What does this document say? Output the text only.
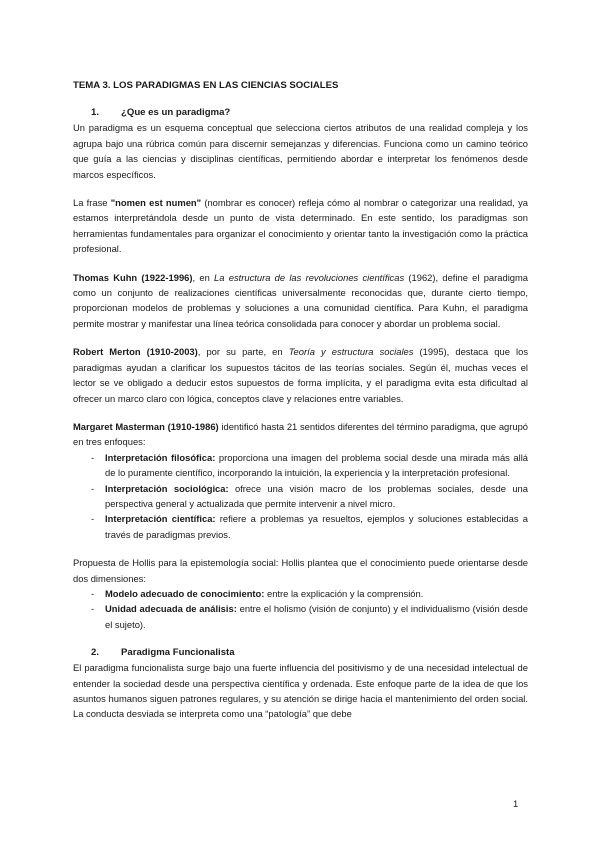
TEMA 3. LOS PARADIGMAS EN LAS CIENCIAS SOCIALES

1.	¿Que es un paradigma?

Un paradigma es un esquema conceptual que selecciona ciertos atributos de una realidad compleja y los agrupa bajo una rúbrica común para discernir semejanzas y diferencias. Funciona como un camino teórico que guía a las ciencias y disciplinas científicas, permitiendo abordar e interpretar los fenómenos desde marcos específicos.

La frase "nomen est numen" (nombrar es conocer) refleja cómo al nombrar o categorizar una realidad, ya estamos interpretándola desde un punto de vista determinado. En este sentido, los paradigmas son herramientas fundamentales para organizar el conocimiento y orientar tanto la investigación como la práctica profesional.

Thomas Kuhn (1922-1996), en La estructura de las revoluciones científicas (1962), define el paradigma como un conjunto de realizaciones científicas universalmente reconocidas que, durante cierto tiempo, proporcionan modelos de problemas y soluciones a una comunidad científica. Para Kuhn, el paradigma permite mostrar y manifestar una línea teórica consolidada para conocer y abordar un problema social.

Robert Merton (1910-2003), por su parte, en Teoría y estructura sociales (1995), destaca que los paradigmas ayudan a clarificar los supuestos tácitos de las teorías sociales. Según él, muchas veces el lector se ve obligado a deducir estos supuestos de forma implícita, y el paradigma evita esta dificultad al ofrecer un marco claro con lógica, conceptos clave y relaciones entre variables.

Margaret Masterman (1910-1986) identificó hasta 21 sentidos diferentes del término paradigma, que agrupó en tres enfoques:

-	Interpretación filosófica: proporciona una imagen del problema social desde una mirada más allá de lo puramente científico, incorporando la intuición, la experiencia y la interpretación profesional.
-	Interpretación sociológica: ofrece una visión macro de los problemas sociales, desde una perspectiva general y actualizada que permite intervenir a nivel micro.
-	Interpretación científica: refiere a problemas ya resueltos, ejemplos y soluciones establecidas a través de paradigmas previos.

Propuesta de Hollis para la epistemología social: Hollis plantea que el conocimiento puede orientarse desde dos dimensiones:

-	Modelo adecuado de conocimiento: entre la explicación y la comprensión.
-	Unidad adecuada de análisis: entre el holismo (visión de conjunto) y el individualismo (visión desde el sujeto).
2.	Paradigma Funcionalista

El paradigma funcionalista surge bajo una fuerte influencia del positivismo y de una necesidad intelectual de entender la sociedad desde una perspectiva científica y ordenada. Este enfoque parte de la idea de que los asuntos humanos siguen patrones regulares, y su atención se dirige hacia el mantenimiento del orden social. La conducta desviada se interpreta como una “patología” que debe

1
